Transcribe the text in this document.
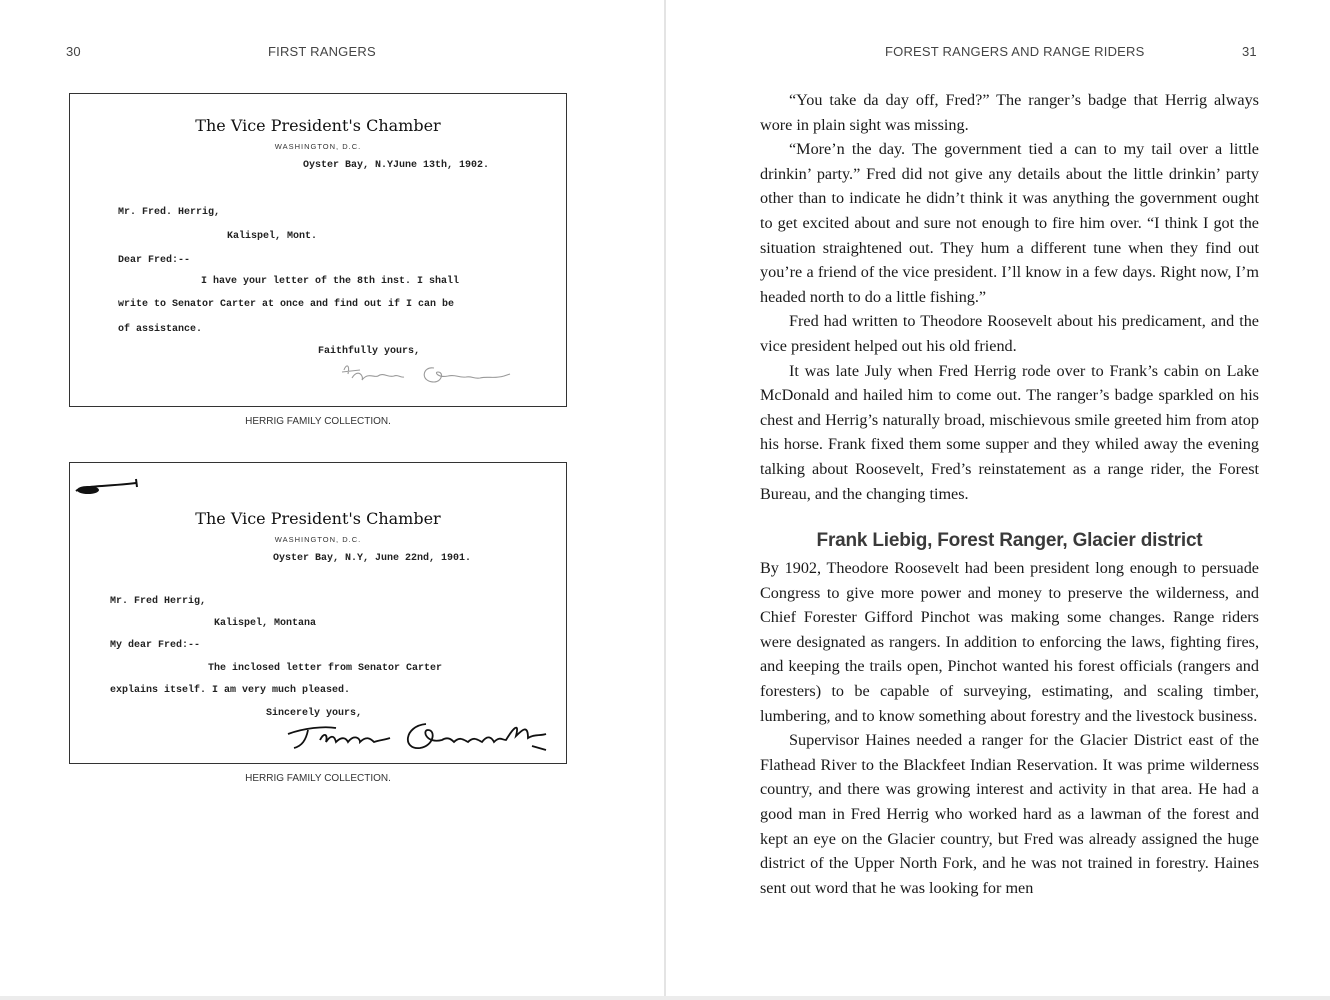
30	FIRST RANGERS
The Vice President's Chamber
WASHINGTON, D.C.
Oyster Bay, N.YJune 13th, 1902.
Mr. Fred. Herrig,
Kalispel, Mont.
Dear Fred:--
I have your letter of the 8th inst. I shall
write to Senator Carter at once and find out if I can be
of assistance.
Faithfully yours,
HERRIG FAMILY COLLECTION.
The Vice President's Chamber
WASHINGTON, D.C.
Oyster Bay, N.Y, June 22nd, 1901.
Mr. Fred Herrig,
Kalispel, Montana
My dear Fred:--
The inclosed letter from Senator Carter
explains itself. I am very much pleased.
Sincerely yours,
HERRIG FAMILY COLLECTION.
FOREST RANGERS AND RANGE RIDERS	31

“You take da day off, Fred?” The ranger’s badge that Herrig always wore in plain sight was missing.

“More’n the day. The government tied a can to my tail over a little drinkin’ party.” Fred did not give any details about the little drinkin’ party other than to indicate he didn’t think it was anything the government ought to get excited about and sure not enough to fire him over. “I think I got the situation straightened out. They hum a different tune when they find out you’re a friend of the vice president. I’ll know in a few days. Right now, I’m headed north to do a little fishing.”

Fred had written to Theodore Roosevelt about his predicament, and the vice president helped out his old friend.

It was late July when Fred Herrig rode over to Frank’s cabin on Lake McDonald and hailed him to come out. The ranger’s badge sparkled on his chest and Herrig’s naturally broad, mischievous smile greeted him from atop his horse. Frank fixed them some supper and they whiled away the evening talking about Roosevelt, Fred’s reinstatement as a range rider, the Forest Bureau, and the changing times.

Frank Liebig, Forest Ranger, Glacier district

By 1902, Theodore Roosevelt had been president long enough to persuade Congress to give more power and money to preserve the wilderness, and Chief Forester Gifford Pinchot was making some changes. Range riders were designated as rangers. In addition to enforcing the laws, fighting fires, and keeping the trails open, Pinchot wanted his forest officials (rangers and foresters) to be capable of surveying, estimating, and scaling timber, lumbering, and to know something about forestry and the livestock business.

Supervisor Haines needed a ranger for the Glacier District east of the Flathead River to the Blackfeet Indian Reservation. It was prime wilderness country, and there was growing interest and activity in that area. He had a good man in Fred Herrig who worked hard as a lawman of the forest and kept an eye on the Glacier country, but Fred was already assigned the huge district of the Upper North Fork, and he was not trained in forestry. Haines sent out word that he was looking for men
